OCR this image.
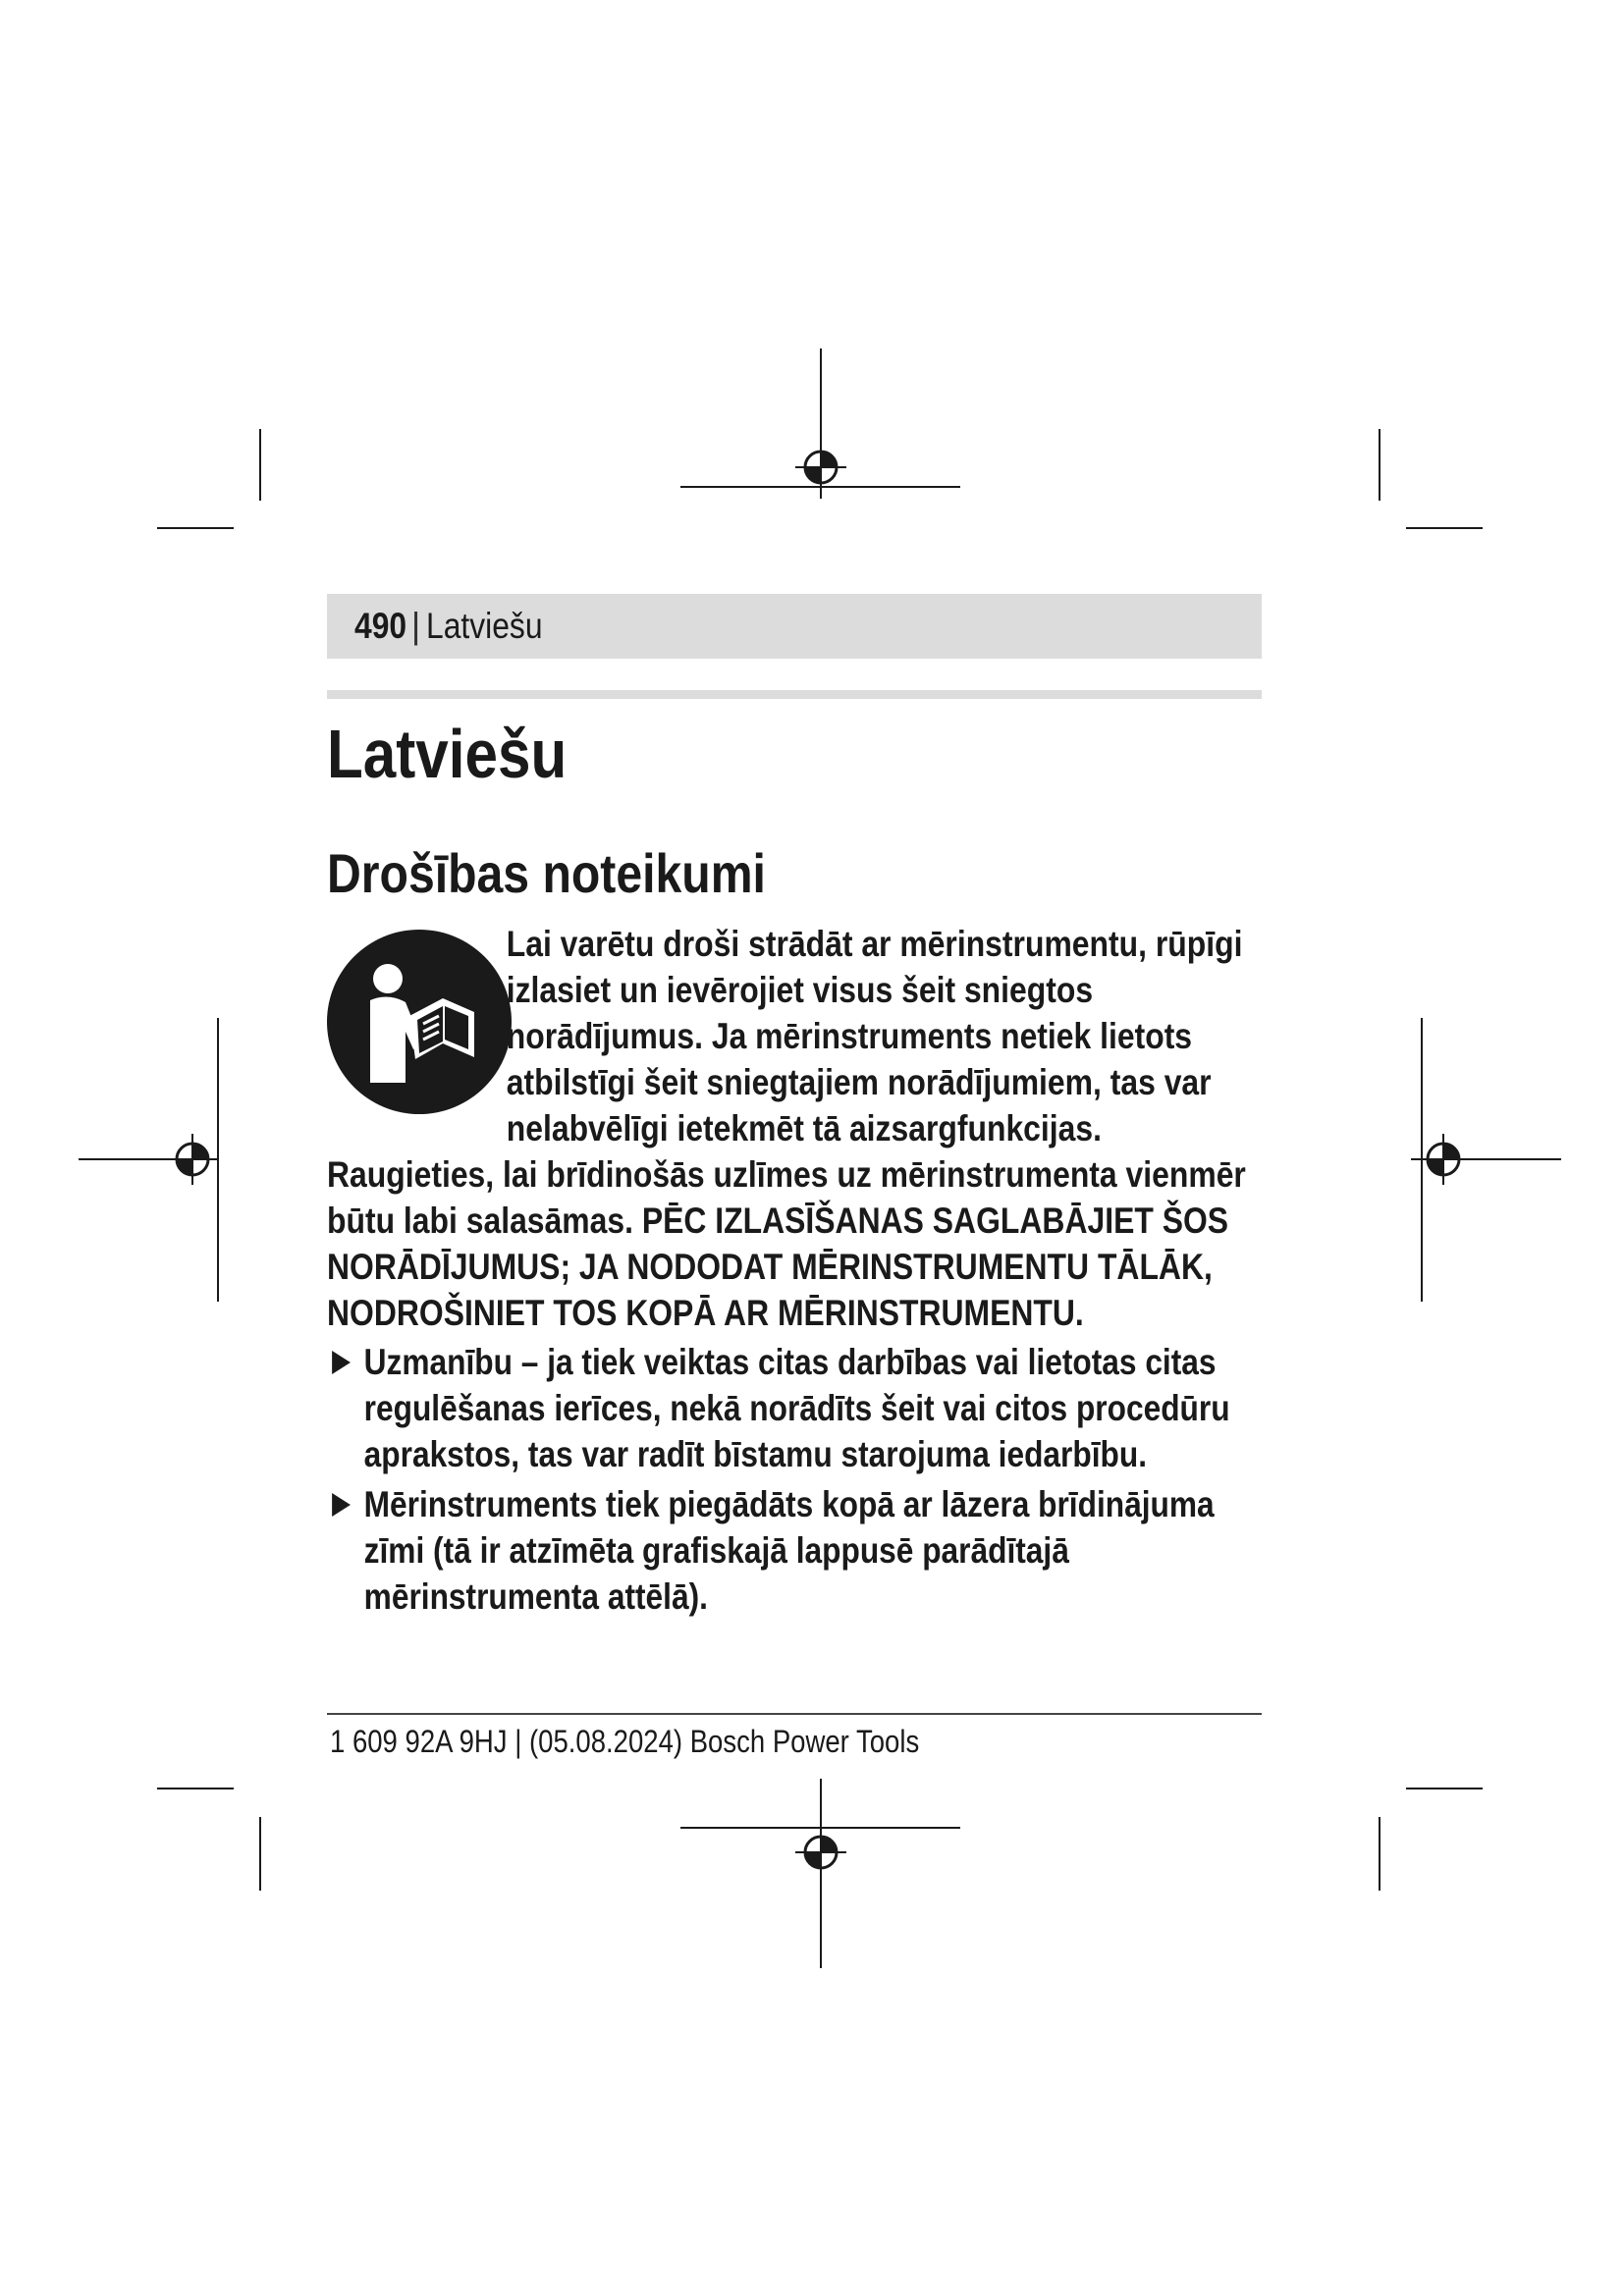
490 | Latviešu
Latviešu
Drošības noteikumi

Lai varētu droši strādāt ar mērinstrumentu, rūpīgi izlasiet un ievērojiet visus šeit sniegtos norādījumus. Ja mērinstruments netiek lietots atbilstīgi šeit sniegtajiem norādījumiem, tas var nelabvēlīgi ietekmēt tā aizsargfunkcijas. Raugieties, lai brīdinošās uzlīmes uz mērinstrumenta vienmēr būtu labi salasāmas. PĒC IZLASĪŠANAS SAGLABĀJIET ŠOS NORĀDĪJUMUS; JA NODODAT MĒRINSTRUMENTU TĀLĀK, NODROŠINIET TOS KOPĀ AR MĒRINSTRUMENTU.

Uzmanību – ja tiek veiktas citas darbības vai lietotas citas regulēšanas ierīces, nekā norādīts šeit vai citos procedūru aprakstos, tas var radīt bīstamu starojuma iedarbību.
Mērinstruments tiek piegādāts kopā ar lāzera brīdinājuma zīmi (tā ir atzīmēta grafiskajā lappusē parādītajā mērinstrumenta attēlā).
1 609 92A 9HJ | (05.08.2024) Bosch Power Tools
